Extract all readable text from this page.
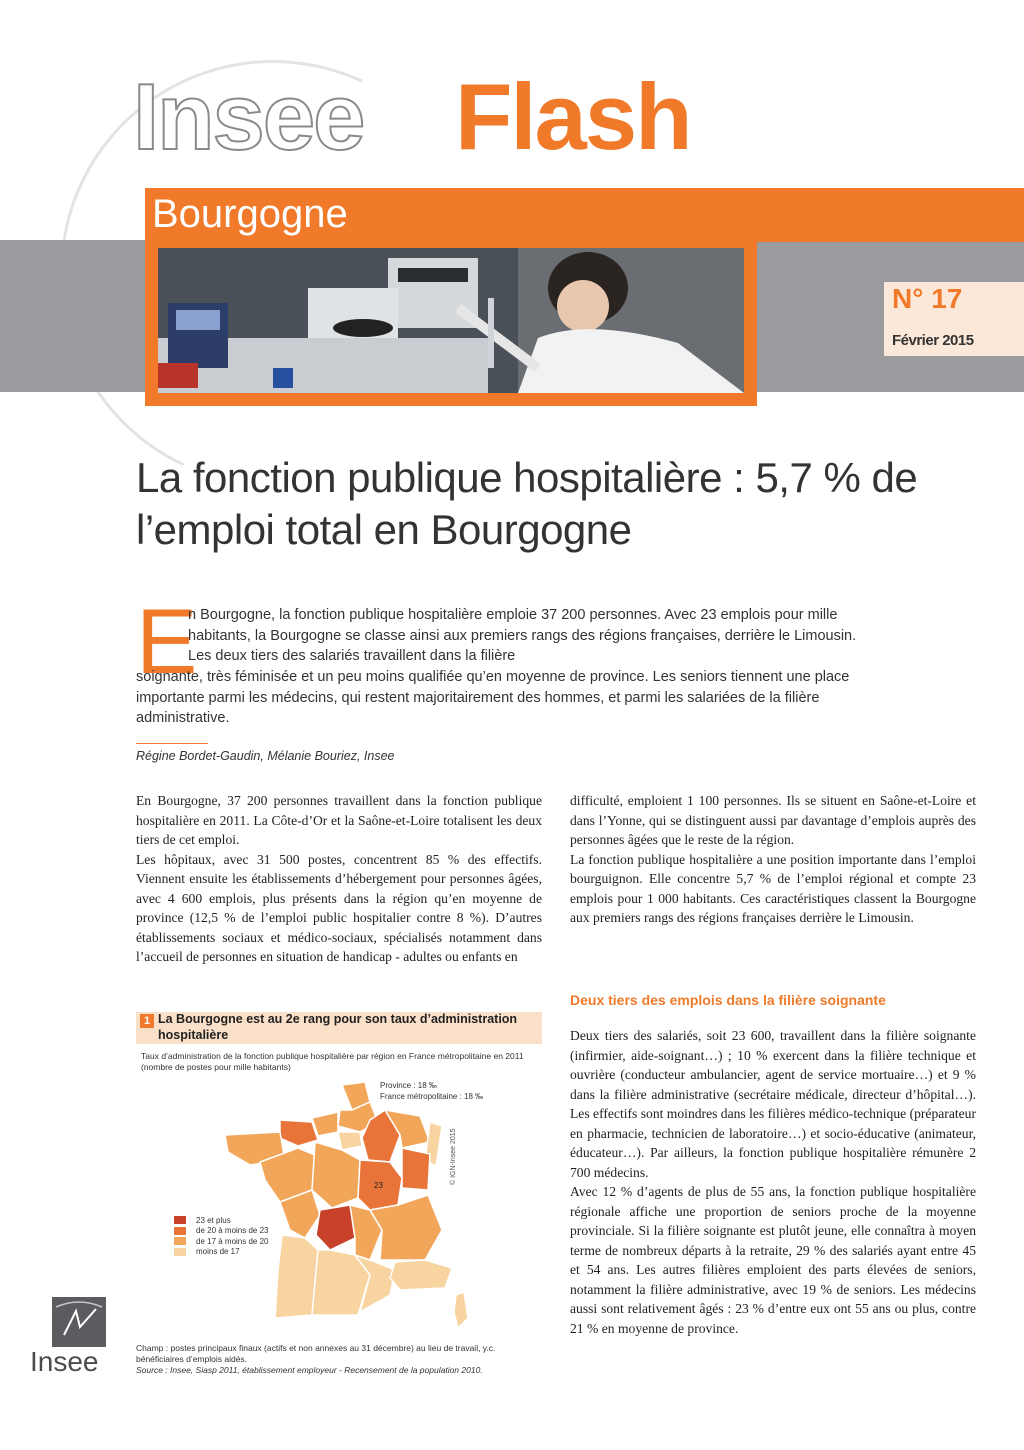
Insee Flash
Bourgogne
N° 17
Février 2015
La fonction publique hospitalière : 5,7 % de l’emploi total en Bourgogne
E
n Bourgogne, la fonction publique hospitalière emploie 37 200 personnes. Avec 23 emplois pour mille habitants, la Bourgogne se classe ainsi aux premiers rangs des régions françaises, derrière le Limousin. Les deux tiers des salariés travaillent dans la filière
soignante, très féminisée et un peu moins qualifiée qu’en moyenne de province. Les seniors tiennent une place importante parmi les médecins, qui restent majoritairement des hommes, et parmi les salariées de la filière administrative.
Régine Bordet-Gaudin, Mélanie Bouriez, Insee

En Bourgogne, 37 200 personnes travaillent dans la fonction publique hospitalière en 2011. La Côte-d’Or et la Saône-et-Loire totalisent les deux tiers de cet emploi.

Les hôpitaux, avec 31 500 postes, concentrent 85 % des effectifs. Viennent ensuite les établissements d’hébergement pour personnes âgées, avec 4 600 emplois, plus présents dans la région qu’en moyenne de province (12,5 % de l’emploi public hospitalier contre 8 %). D’autres établissements sociaux et médico-sociaux, spécialisés notamment dans l’accueil de personnes en situation de handicap - adultes ou enfants en

difficulté, emploient 1 100 personnes. Ils se situent en Saône-et-Loire et dans l’Yonne, qui se distinguent aussi par davantage d’emplois auprès des personnes âgées que le reste de la région.

La fonction publique hospitalière a une position importante dans l’emploi bourguignon. Elle concentre 5,7 % de l’emploi régional et compte 23 emplois pour 1 000 habitants. Ces caractéristiques classent la Bourgogne aux premiers rangs des régions françaises derrière le Limousin.

Deux tiers des emplois dans la filière soignante

Deux tiers des salariés, soit 23 600, travaillent dans la filière soignante (infirmier, aide-soignant…) ; 10 % exercent dans la filière technique et ouvrière (conducteur ambulancier, agent de service mortuaire…) et 9 % dans la filière administrative (secrétaire médicale, directeur d’hôpital…). Les effectifs sont moindres dans les filières médico-technique (préparateur en pharmacie, technicien de laboratoire…) et socio-éducative (animateur, éducateur…). Par ailleurs, la fonction publique hospitalière rémunère 2 700 médecins.

Avec 12 % d’agents de plus de 55 ans, la fonction publique hospitalière régionale affiche une proportion de seniors proche de la moyenne provinciale. Si la filière soignante est plutôt jeune, elle connaîtra à moyen terme de nombreux départs à la retraite, 29 % des salariés ayant entre 45 et 54 ans. Les autres filières emploient des parts élevées de seniors, notamment la filière administrative, avec 19 % de seniors. Les médecins aussi sont relativement âgés : 23 % d’entre eux ont 55 ans ou plus, contre 21 % en moyenne de province.

1 La Bourgogne est au 2e rang pour son taux d’administration hospitalière
Taux d’administration de la fonction publique hospitalière par région en France métropolitaine en 2011 (nombre de postes pour mille habitants)
23
Province : 18 ‰
France métropolitaine : 18 ‰
23 et plus
de 20 à moins de 23
de 17 à moins de 20
moins de 17
© IGN-Insee 2015
Champ : postes principaux finaux (actifs et non annexes au 31 décembre) au lieu de travail, y.c. bénéficiaires d’emplois aidés.
Source : Insee, Siasp 2011, établissement employeur - Recensement de la population 2010.
Insee
